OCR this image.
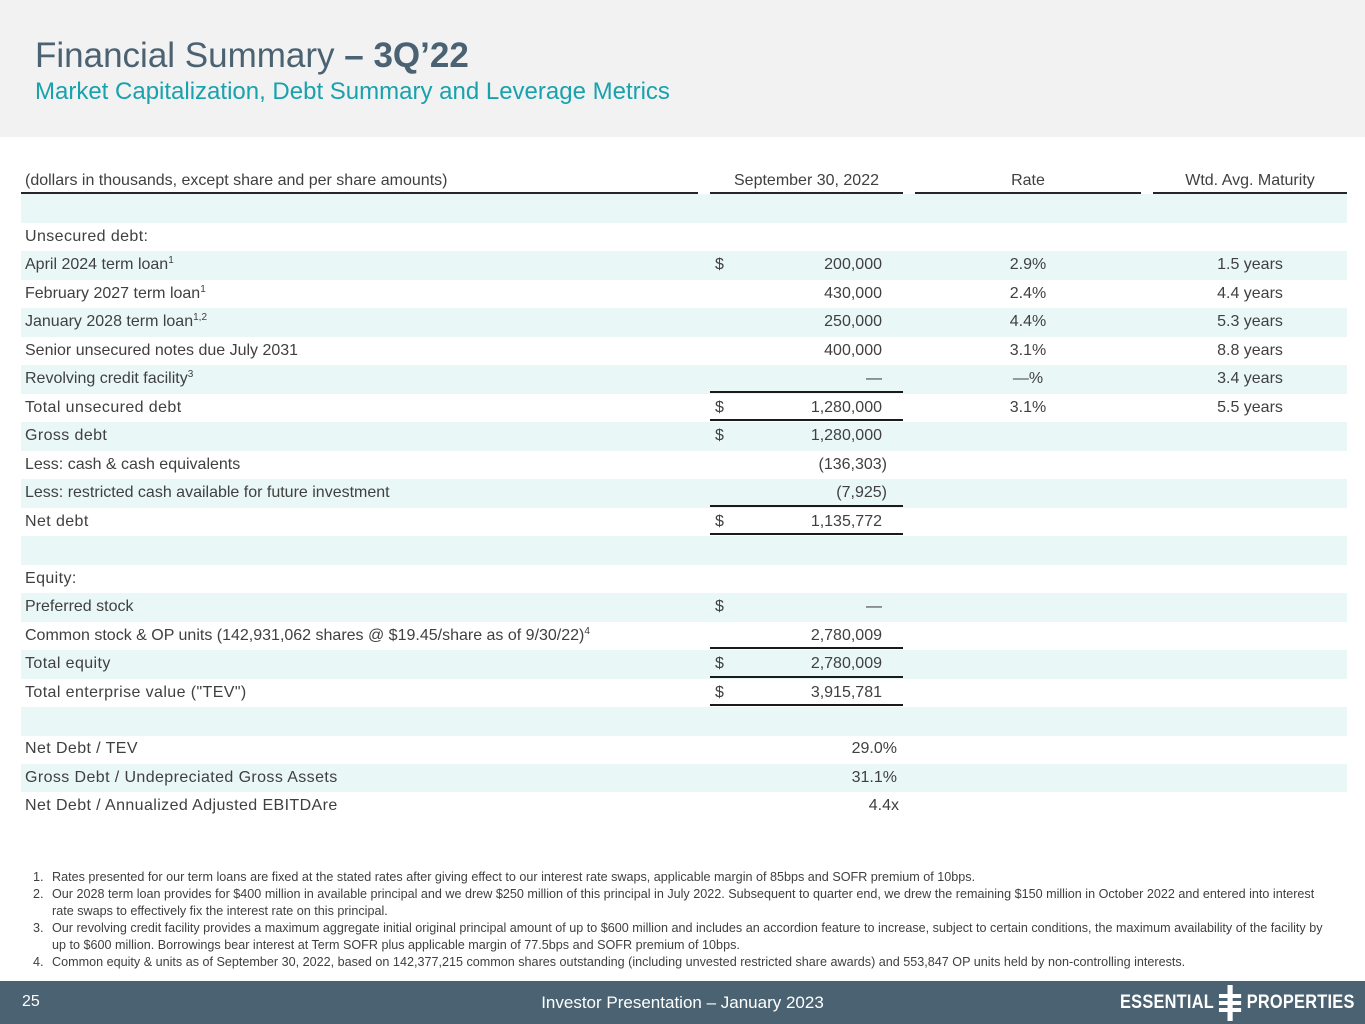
Financial Summary – 3Q’22
Market Capitalization, Debt Summary and Leverage Metrics
(dollars in thousands, except share and per share amounts)	September 30, 2022	Rate	Wtd. Avg. Maturity
Unsecured debt:
April 2024 term loan$^1$	$	200,000	2.9%	1.5 years
February 2027 term loan$^1$	430,000	2.4%	4.4 years
January 2028 term loan$^{1,2}$	250,000	4.4%	5.3 years
Senior unsecured notes due July 2031	400,000	3.1%	8.8 years
Revolving credit facility$^3$	—	—%	3.4 years
Total unsecured debt	$	1,280,000	3.1%	5.5 years
Gross debt	$	1,280,000
Less: cash & cash equivalents	(136,303)
Less: restricted cash available for future investment	(7,925)
Net debt	$	1,135,772
Equity:
Preferred stock	$	—
Common stock & OP units (142,931,062 shares @ $19.45/share as of 9/30/22)$^4$	2,780,009
Total equity	$	2,780,009
Total enterprise value ("TEV")	$	3,915,781
Net Debt / TEV	29.0%
Gross Debt / Undepreciated Gross Assets	31.1%
Net Debt / Annualized Adjusted EBITDAre	4.4x
1. Rates presented for our term loans are fixed at the stated rates after giving effect to our interest rate swaps, applicable margin of 85bps and SOFR premium of 10bps.
2. Our 2028 term loan provides for $400 million in available principal and we drew $250 million of this principal in July 2022. Subsequent to quarter end, we drew the remaining $150 million in October 2022 and entered into interest rate swaps to effectively fix the interest rate on this principal.
3. Our revolving credit facility provides a maximum aggregate initial original principal amount of up to $600 million and includes an accordion feature to increase, subject to certain conditions, the maximum availability of the facility by up to $600 million. Borrowings bear interest at Term SOFR plus applicable margin of 77.5bps and SOFR premium of 10bps.
4. Common equity & units as of September 30, 2022, based on 142,377,215 common shares outstanding (including unvested restricted share awards) and 553,847 OP units held by non-controlling interests.
25	Investor Presentation – January 2023	ESSENTIAL PROPERTIES
